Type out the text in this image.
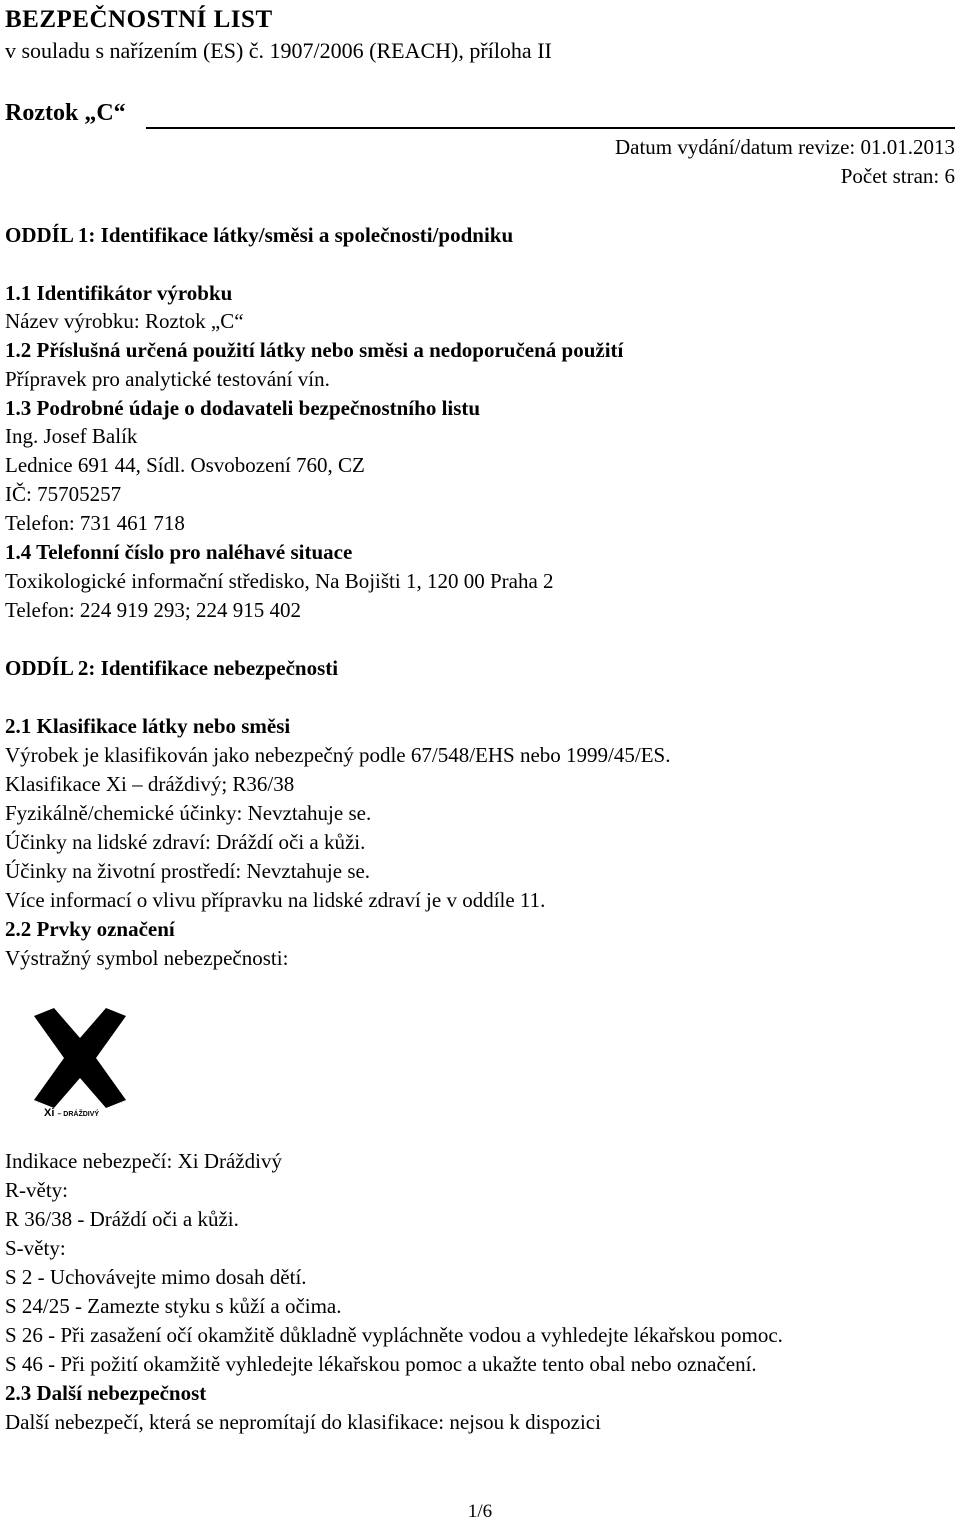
BEZPEČNOSTNÍ LIST
v souladu s nařízením (ES) č. 1907/2006 (REACH), příloha II
Roztok „C“
Datum vydání/datum revize: 01.01.2013
Počet stran: 6
ODDÍL 1: Identifikace látky/směsi a společnosti/podniku
1.1 Identifikátor výrobku
Název výrobku: Roztok „C“
1.2 Příslušná určená použití látky nebo směsi a nedoporučená použití
Přípravek pro analytické testování vín.
1.3 Podrobné údaje o dodavateli bezpečnostního listu
Ing. Josef Balík
Lednice 691 44, Sídl. Osvobození 760, CZ
IČ: 75705257
Telefon: 731 461 718
1.4 Telefonní číslo pro naléhavé situace
Toxikologické informační středisko, Na Bojišti 1, 120 00 Praha 2
Telefon: 224 919 293; 224 915 402
ODDÍL 2: Identifikace nebezpečnosti
2.1 Klasifikace látky nebo směsi
Výrobek je klasifikován jako nebezpečný podle 67/548/EHS nebo 1999/45/ES.
Klasifikace Xi – dráždivý; R36/38
Fyzikálně/chemické účinky: Nevztahuje se.
Účinky na lidské zdraví: Dráždí oči a kůži.
Účinky na životní prostředí: Nevztahuje se.
Více informací o vlivu přípravku na lidské zdraví je v oddíle 11.
2.2 Prvky označení
Výstražný symbol nebezpečnosti:
Xi – DRÁŽDIVÝ
Indikace nebezpečí: Xi Dráždivý
R-věty:
R 36/38 - Dráždí oči a kůži.
S-věty:
S 2 - Uchovávejte mimo dosah dětí.
S 24/25 - Zamezte styku s kůží a očima.
S 26 - Při zasažení očí okamžitě důkladně vypláchněte vodou a vyhledejte lékařskou pomoc.
S 46 - Při požití okamžitě vyhledejte lékařskou pomoc a ukažte tento obal nebo označení.
2.3 Další nebezpečnost
Další nebezpečí, která se nepromítají do klasifikace: nejsou k dispozici
1/6
